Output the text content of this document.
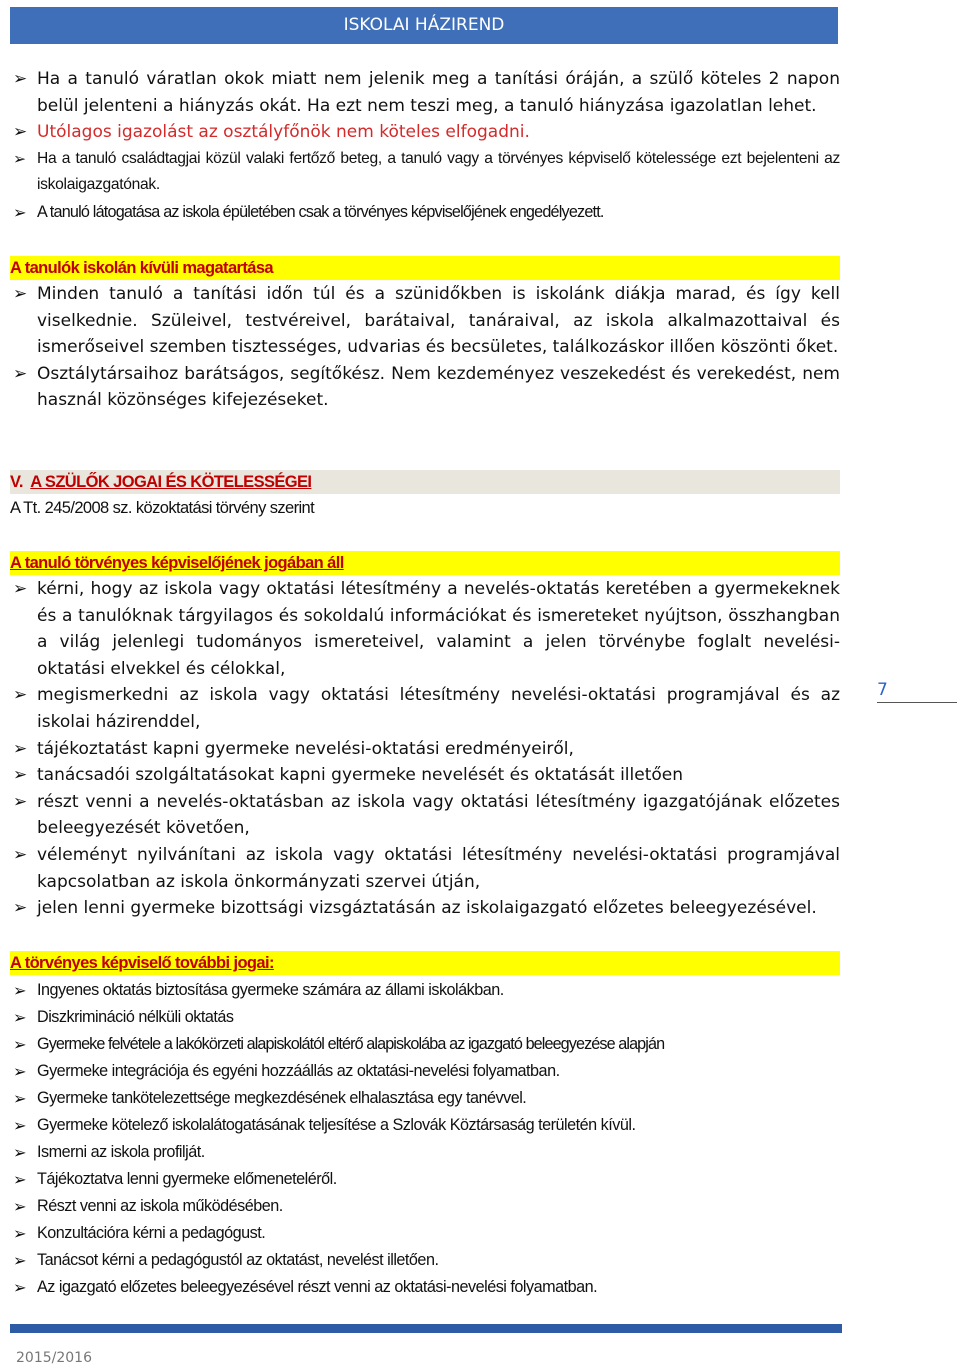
ISKOLAI HÁZIREND
➢ Ha a tanuló váratlan okok miatt nem jelenik meg a tanítási óráján, a szülő köteles 2 napon belül jelenteni a hiányzás okát. Ha ezt nem teszi meg, a tanuló hiányzása igazolatlan lehet.
➢ Utólagos igazolást az osztályfőnök nem köteles elfogadni.
➢ Ha a tanuló családtagjai közül valaki fertőző beteg, a tanuló vagy a törvényes képviselő kötelessége ezt bejelenteni az iskolaigazgatónak.
➢ A tanuló látogatása az iskola épületében csak a törvényes képviselőjének engedélyezett.
A tanulók iskolán kívüli magatartása
➢ Minden tanuló a tanítási időn túl és a szünidőkben is iskolánk diákja marad, és így kell viselkednie. Szüleivel, testvéreivel, barátaival, tanáraival, az iskola alkalmazottaival és ismerőseivel szemben tisztességes, udvarias és becsületes, találkozáskor illően köszönti őket.
➢ Osztálytársaihoz barátságos, segítőkész. Nem kezdeményez veszekedést és verekedést, nem használ közönséges kifejezéseket.
V. A SZÜLŐK JOGAI ÉS KÖTELESSÉGEI
A Tt. 245/2008 sz. közoktatási törvény szerint
A tanuló törvényes képviselőjének jogában áll
➢ kérni, hogy az iskola vagy oktatási létesítmény a nevelés-oktatás keretében a gyermekeknek és a tanulóknak tárgyilagos és sokoldalú információkat és ismereteket nyújtson, összhangban a világ jelenlegi tudományos ismereteivel, valamint a jelen törvénybe foglalt nevelési-oktatási elvekkel és célokkal,
➢ megismerkedni az iskola vagy oktatási létesítmény nevelési-oktatási programjával és az iskolai házirenddel,
➢ tájékoztatást kapni gyermeke nevelési-oktatási eredményeiről,
➢ tanácsadói szolgáltatásokat kapni gyermeke nevelését és oktatását illetően
➢ részt venni a nevelés-oktatásban az iskola vagy oktatási létesítmény igazgatójának előzetes beleegyezését követően,
➢ véleményt nyilvánítani az iskola vagy oktatási létesítmény nevelési-oktatási programjával kapcsolatban az iskola önkormányzati szervei útján,
➢ jelen lenni gyermeke bizottsági vizsgáztatásán az iskolaigazgató előzetes beleegyezésével.
A törvényes képviselő további jogai:
➢ Ingyenes oktatás biztosítása gyermeke számára az állami iskolákban.
➢ Diszkrimináció nélküli oktatás
➢ Gyermeke felvétele a lakókörzeti alapiskolától eltérő alapiskolába az igazgató beleegyezése alapján
➢ Gyermeke integrációja és egyéni hozzáállás az oktatási-nevelési folyamatban.
➢ Gyermeke tankötelezettsége megkezdésének elhalasztása egy tanévvel.
➢ Gyermeke kötelező iskolalátogatásának teljesítése a Szlovák Köztársaság területén kívül.
➢ Ismerni az iskola profilját.
➢ Tájékoztatva lenni gyermeke előmeneteléről.
➢ Részt venni az iskola működésében.
➢ Konzultációra kérni a pedagógust.
➢ Tanácsot kérni a pedagógustól az oktatást, nevelést illetően.
➢ Az igazgató előzetes beleegyezésével részt venni az oktatási-nevelési folyamatban.
7
2015/2016
